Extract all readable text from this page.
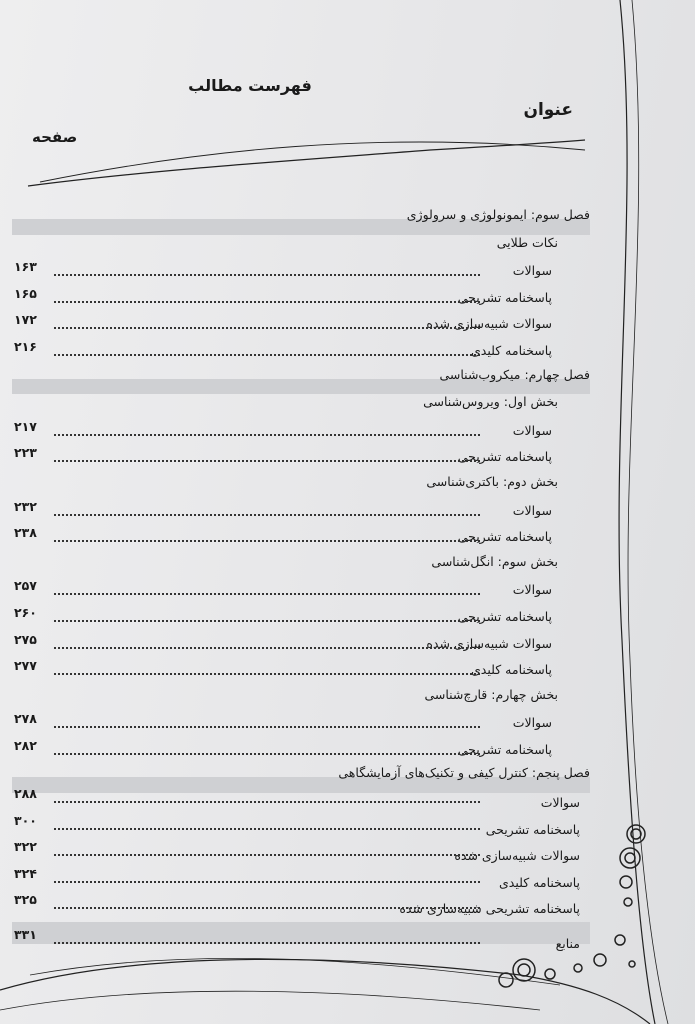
فهرست مطالب
عنوان
صفحه
فصل سوم: ایمونولوژی و سرولوژی
نکات طلایی
سوالات
۱۶۳
پاسخنامه تشریحی
۱۶۵
سوالات شبیه‌سازی شده
۱۷۲
پاسخنامه کلیدی
۲۱۶
فصل چهارم: میکروب‌شناسی
بخش اول: ویروس‌شناسی
سوالات
۲۱۷
پاسخنامه تشریحی
۲۲۳
بخش دوم: باکتری‌شناسی
سوالات
۲۳۲
پاسخنامه تشریحی
۲۳۸
بخش سوم: انگل‌شناسی
سوالات
۲۵۷
پاسخنامه تشریحی
۲۶۰
سوالات شبیه‌سازی شده
۲۷۵
پاسخنامه کلیدی
۲۷۷
بخش چهارم: قارچ‌شناسی
سوالات
۲۷۸
پاسخنامه تشریحی
۲۸۲
فصل پنجم: کنترل کیفی و تکنیک‌های آزمایشگاهی
سوالات
۲۸۸
پاسخنامه تشریحی
۳۰۰
سوالات شبیه‌سازی شده
۳۲۲
پاسخنامه کلیدی
۳۲۴
پاسخنامه تشریحی شبیه‌سازی شده
۳۲۵
منابع
۳۳۱
